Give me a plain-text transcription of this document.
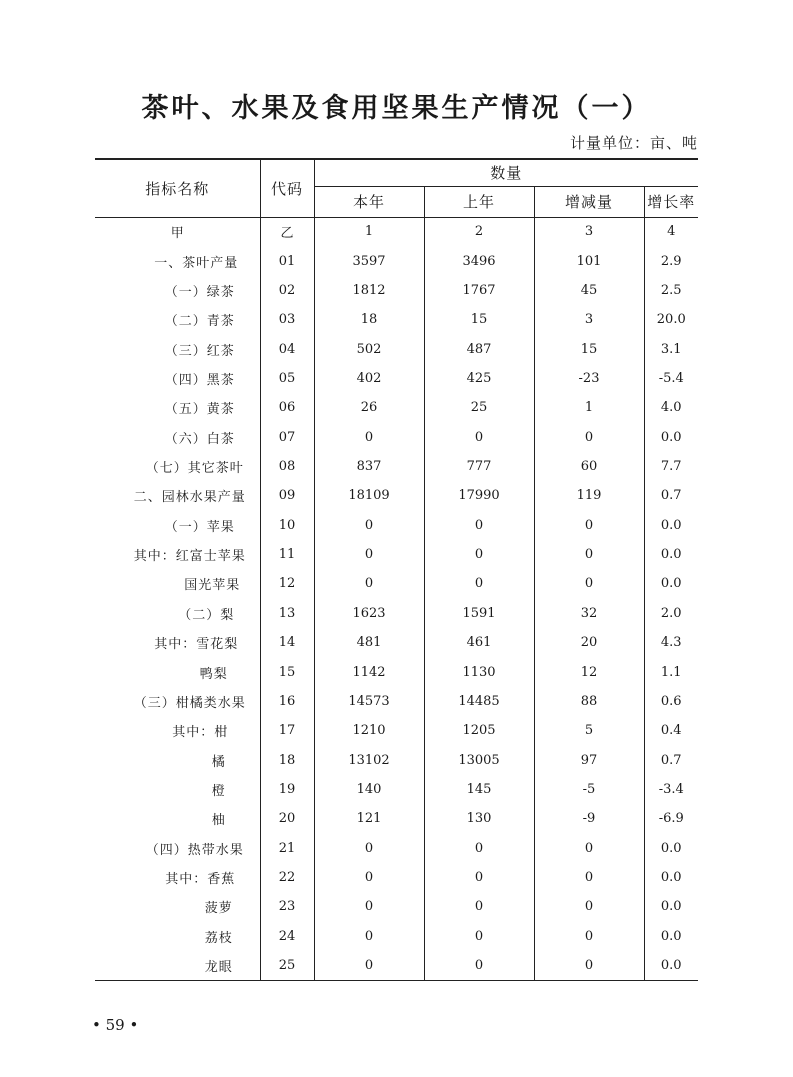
茶叶、水果及食用坚果生产情况（一）
计量单位：亩、吨
指标名称	代码	数量			
		本年	上年	增减量	增长率
甲	乙	1	2	3	4
一、茶叶产量	01	3597	3496	101	2.9
（一）绿茶	02	1812	1767	45	2.5
（二）青茶	03	18	15	3	20.0
（三）红茶	04	502	487	15	3.1
（四）黑茶	05	402	425	-23	-5.4
（五）黄茶	06	26	25	1	4.0
（六）白茶	07	0	0	0	0.0
（七）其它茶叶	08	837	777	60	7.7
二、园林水果产量	09	18109	17990	119	0.7
（一）苹果	10	0	0	0	0.0
其中：红富士苹果	11	0	0	0	0.0
国光苹果	12	0	0	0	0.0
（二）梨	13	1623	1591	32	2.0
其中：雪花梨	14	481	461	20	4.3
鸭梨	15	1142	1130	12	1.1
（三）柑橘类水果	16	14573	14485	88	0.6
其中：柑	17	1210	1205	5	0.4
橘	18	13102	13005	97	0.7
橙	19	140	145	-5	-3.4
柚	20	121	130	-9	-6.9
（四）热带水果	21	0	0	0	0.0
其中：香蕉	22	0	0	0	0.0
菠萝	23	0	0	0	0.0
荔枝	24	0	0	0	0.0
龙眼	25	0	0	0	0.0
• 59 •
